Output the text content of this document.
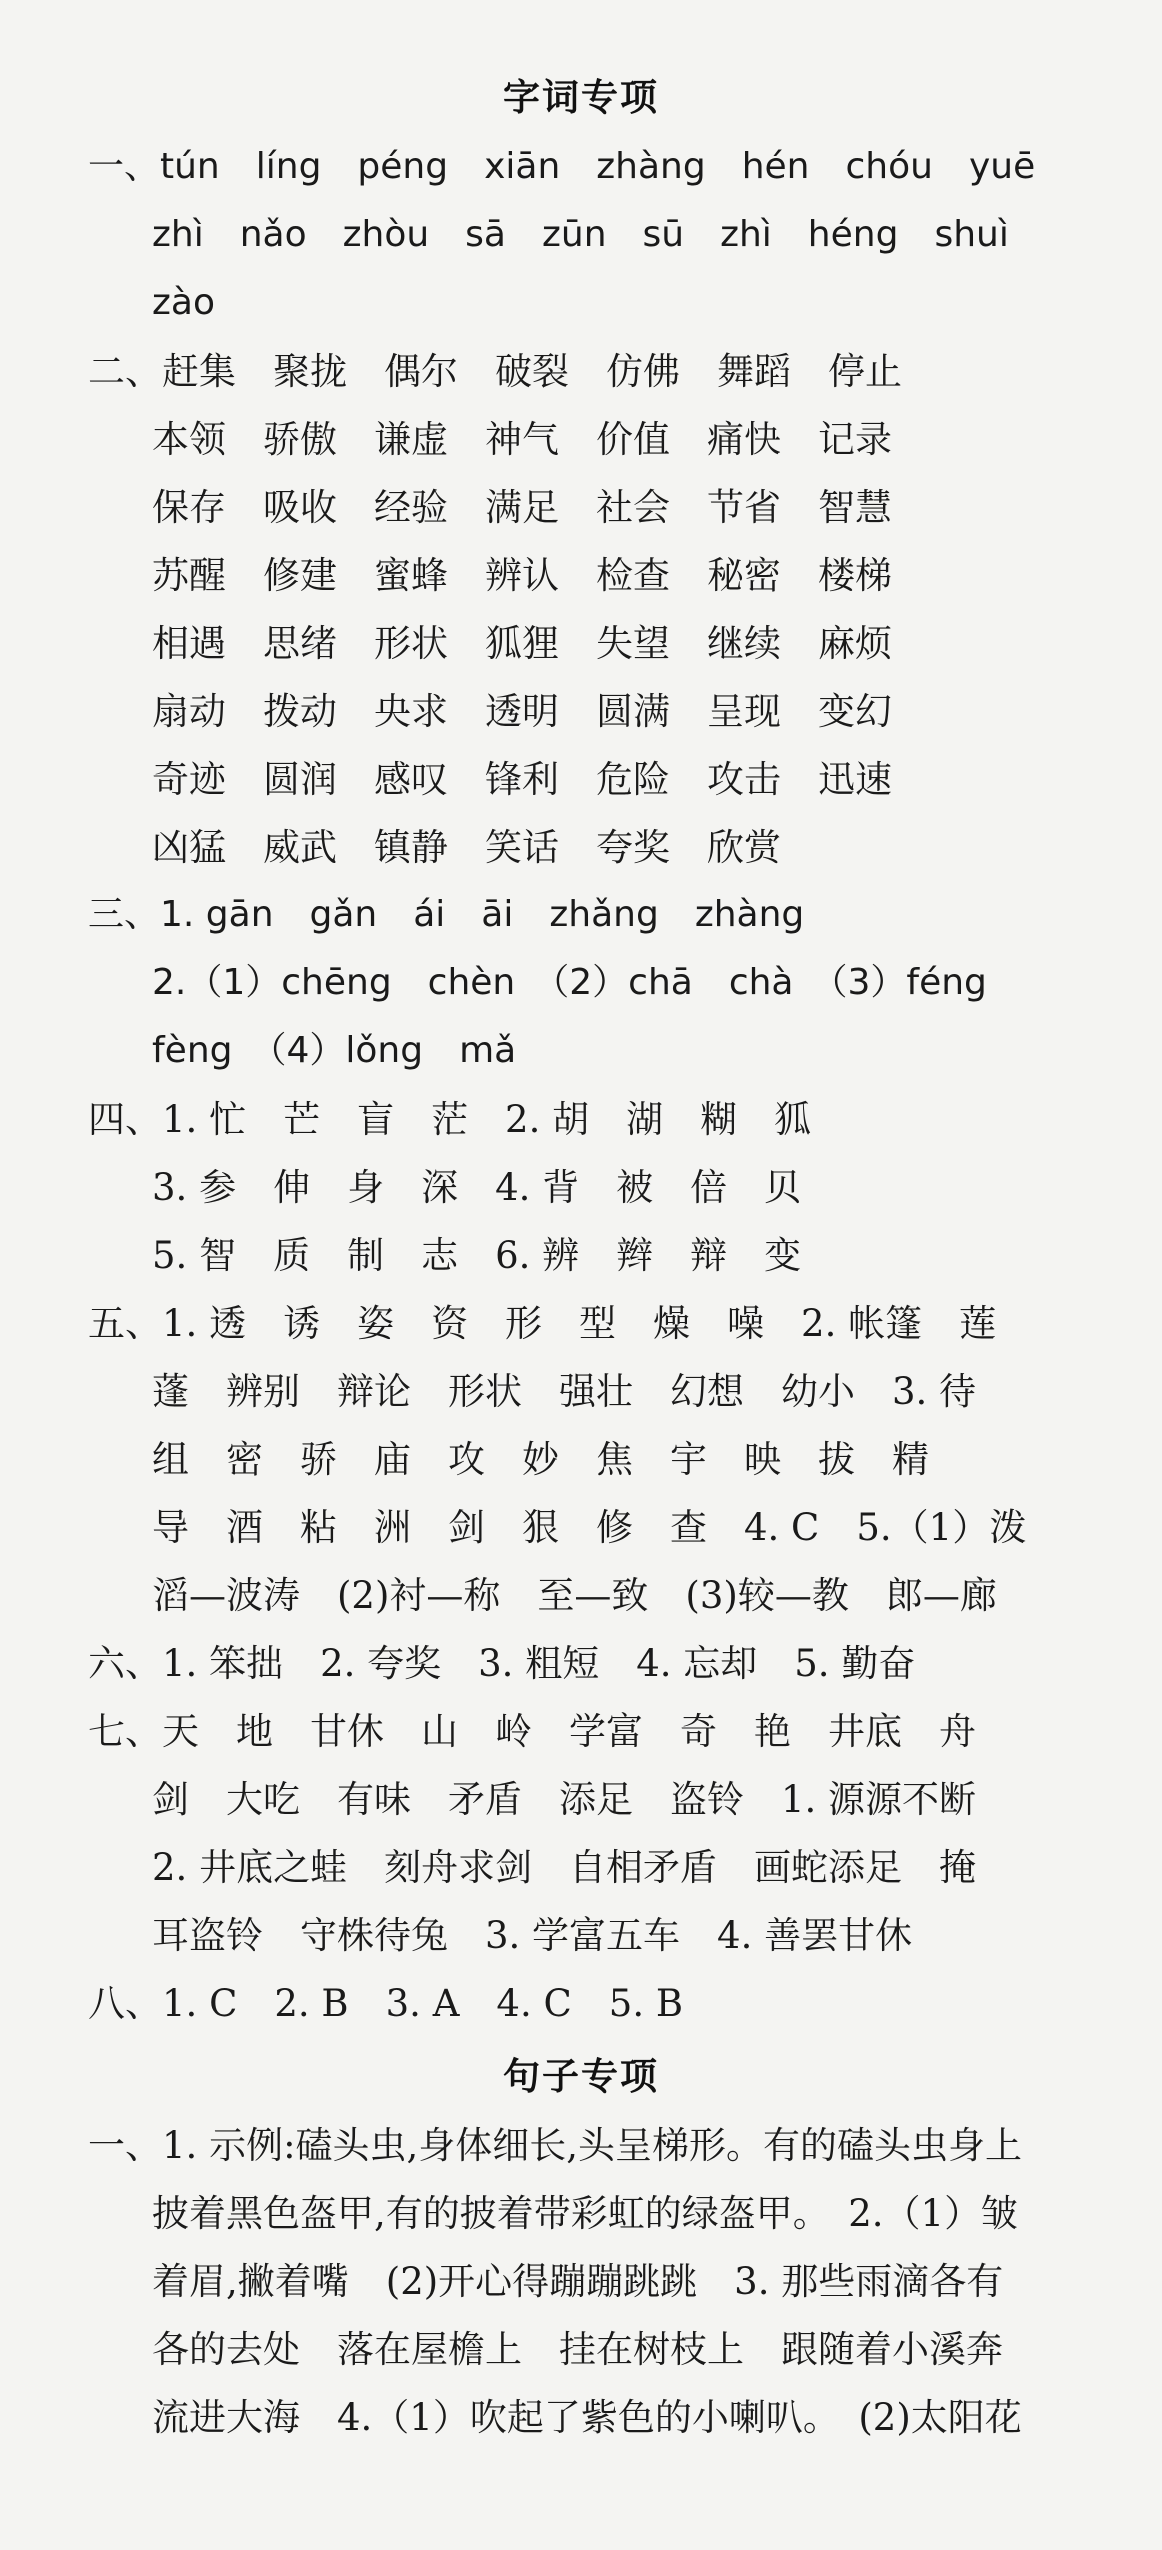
字词专项
一、tún　líng　péng　xiān　zhàng　hén　chóu　yuē
zhì　nǎo　zhòu　sā　zūn　sū　zhì　héng　shuì
zào
二、赶集　聚拢　偶尔　破裂　仿佛　舞蹈　停止
本领　骄傲　谦虚　神气　价值　痛快　记录
保存　吸收　经验　满足　社会　节省　智慧
苏醒　修建　蜜蜂　辨认　检查　秘密　楼梯
相遇　思绪　形状　狐狸　失望　继续　麻烦
扇动　拨动　央求　透明　圆满　呈现　变幻
奇迹　圆润　感叹　锋利　危险　攻击　迅速
凶猛　威武　镇静　笑话　夸奖　欣赏
三、1. gān　gǎn　ái　āi　zhǎng　zhàng
2.（1）chēng　chèn　（2）chā　chà　（3）féng
fèng　（4）lǒng　mǎ
四、1. 忙　芒　盲　茫　2. 胡　湖　糊　狐
3. 参　伸　身　深　4. 背　被　倍　贝
5. 智　质　制　志　6. 辨　辫　辩　变
五、1. 透　诱　姿　资　形　型　燥　噪　2. 帐篷　莲
蓬　辨别　辩论　形状　强壮　幻想　幼小　3. 待
组　密　骄　庙　攻　妙　焦　宇　映　拔　精
导　酒　粘　洲　剑　狠　修　查　4. C　5.（1）泼
滔—波涛　(2)衬—称　至—致　(3)较—教　郎—廊
六、1. 笨拙　2. 夸奖　3. 粗短　4. 忘却　5. 勤奋
七、天　地　甘休　山　岭　学富　奇　艳　井底　舟
剑　大吃　有味　矛盾　添足　盗铃　1. 源源不断
2. 井底之蛙　刻舟求剑　自相矛盾　画蛇添足　掩
耳盗铃　守株待兔　3. 学富五车　4. 善罢甘休
八、1. C　2. B　3. A　4. C　5. B
句子专项
一、1. 示例:磕头虫,身体细长,头呈梯形。有的磕头虫身上
披着黑色盔甲,有的披着带彩虹的绿盔甲。　2.（1）皱
着眉,撇着嘴　(2)开心得蹦蹦跳跳　3. 那些雨滴各有
各的去处　落在屋檐上　挂在树枝上　跟随着小溪奔
流进大海　4.（1）吹起了紫色的小喇叭。　(2)太阳花
